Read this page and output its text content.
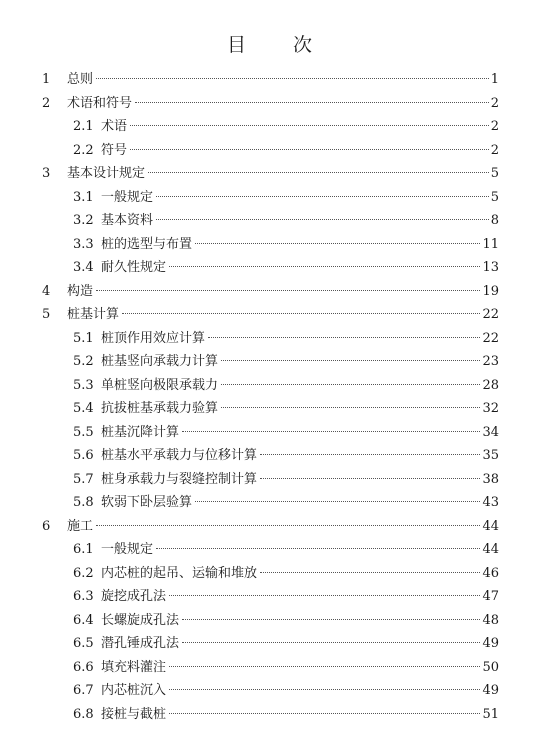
目　次
1	总则	1
2	术语和符号	2
2.1 术语	2
2.2 符号	2
3	基本设计规定	5
3.1 一般规定	5
3.2 基本资料	8
3.3 桩的选型与布置	11
3.4 耐久性规定	13
4	构造	19
5	桩基计算	22
5.1 桩顶作用效应计算	22
5.2 桩基竖向承载力计算	23
5.3 单桩竖向极限承载力	28
5.4 抗拔桩基承载力验算	32
5.5 桩基沉降计算	34
5.6 桩基水平承载力与位移计算	35
5.7 桩身承载力与裂缝控制计算	38
5.8 软弱下卧层验算	43
6	施工	44
6.1 一般规定	44
6.2 内芯桩的起吊、运输和堆放	46
6.3 旋挖成孔法	47
6.4 长螺旋成孔法	48
6.5 潜孔锤成孔法	49
6.6 填充料灌注	50
6.7 内芯桩沉入	49
6.8 接桩与截桩	51
